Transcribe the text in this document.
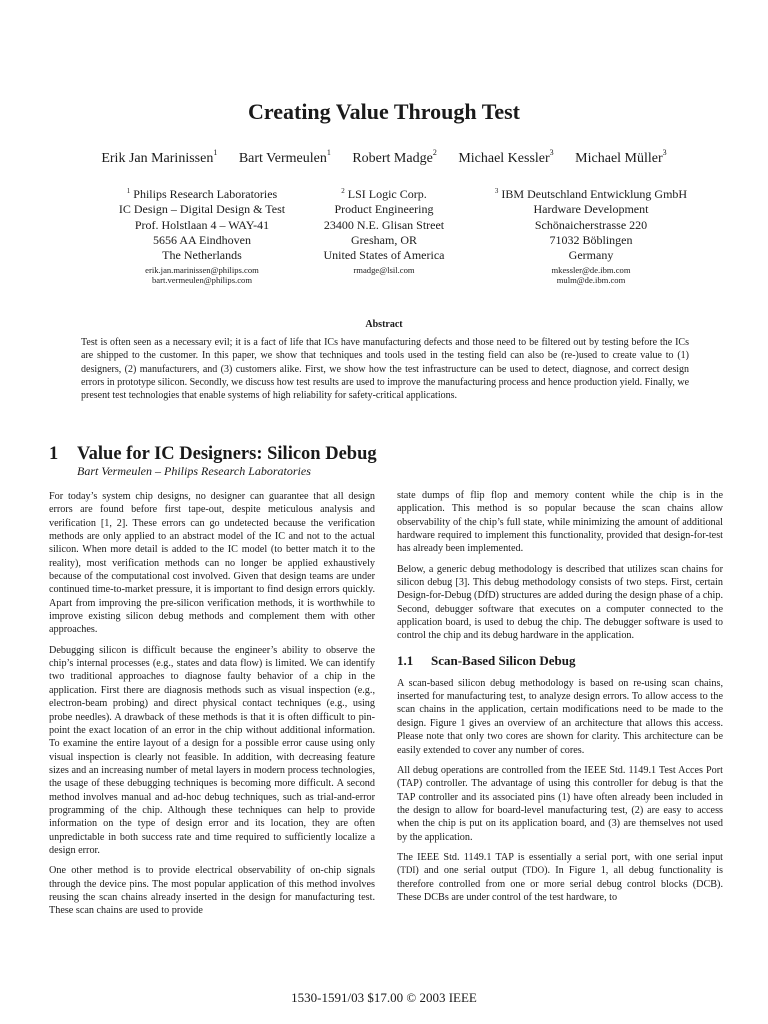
Creating Value Through Test
Erik Jan Marinissen$^1$ Bart Vermeulen$^1$ Robert Madge$^2$ Michael Kessler$^3$ Michael Müller$^3$
$^1$ Philips Research Laboratories
IC Design – Digital Design & Test
Prof. Holstlaan 4 – WAY-41
5656 AA Eindhoven
The Netherlands
erik.jan.marinissen@philips.com
bart.vermeulen@philips.com
$^2$ LSI Logic Corp.
Product Engineering
23400 N.E. Glisan Street
Gresham, OR
United States of America
rmadge@lsil.com
$^3$ IBM Deutschland Entwicklung GmbH
Hardware Development
Schönaicherstrasse 220
71032 Böblingen
Germany
mkessler@de.ibm.com
mulm@de.ibm.com
Abstract
Test is often seen as a necessary evil; it is a fact of life that ICs have manufacturing defects and those need to be filtered out by testing before the ICs are shipped to the customer. In this paper, we show that techniques and tools used in the testing field can also be (re-)used to create value to (1) designers, (2) manufacturers, and (3) customers alike. First, we show how the test infrastructure can be used to detect, diagnose, and correct design errors in prototype silicon. Secondly, we discuss how test results are used to improve the manufacturing process and hence production yield. Finally, we present test technologies that enable systems of high reliability for safety-critical applications.
1 Value for IC Designers: Silicon Debug
Bart Vermeulen – Philips Research Laboratories

For today’s system chip designs, no designer can guarantee that all design errors are found before first tape-out, despite meticulous analysis and verification [1, 2]. These errors can go undetected because the verification methods are only applied to an abstract model of the IC and not to the actual silicon. When more detail is added to the IC model (to better match it to the reality), most verification methods can no longer be applied exhaustively because of the computational cost involved. Given that design teams are under continued time-to-market pressure, it is important to find design errors quickly. Apart from improving the pre-silicon verification methods, it is worthwhile to improve existing silicon debug methods and complement them with other approaches.

Debugging silicon is difficult because the engineer’s ability to observe the chip’s internal processes (e.g., states and data flow) is limited. We can identify two traditional approaches to diagnose faulty behavior of a chip in the application. First there are diagnosis methods such as visual inspection (e.g., electron-beam probing) and direct physical contact techniques (e.g., using probe needles). A drawback of these methods is that it is often difficult to pin-point the exact location of an error in the chip without additional information. To examine the entire layout of a design for a possible error cause using only visual inspection is clearly not feasible. In addition, with decreasing feature sizes and an increasing number of metal layers in modern process technologies, the usage of these debugging techniques is becoming more difficult. A second method involves manual and ad-hoc debug techniques, such as trial-and-error programming of the chip. Although these techniques can help to provide information on the type of design error and its location, they are often unpredictable in both success rate and time required to sufficiently localize a design error.

One other method is to provide electrical observability of on-chip signals through the device pins. The most popular application of this method involves reusing the scan chains already inserted in the design for manufacturing test. These scan chains are used to provide

state dumps of flip flop and memory content while the chip is in the application. This method is so popular because the scan chains allow observability of the chip’s full state, while minimizing the amount of additional hardware required to implement this functionality, provided that design-for-test has already been implemented.

Below, a generic debug methodology is described that utilizes scan chains for silicon debug [3]. This debug methodology consists of two steps. First, certain Design-for-Debug (DfD) structures are added during the design phase of a chip. Second, debugger software that executes on a computer connected to the application board, is used to debug the chip. The debugger software is used to control the chip and its debug hardware in the application.

1.1 Scan-Based Silicon Debug

A scan-based silicon debug methodology is based on re-using scan chains, inserted for manufacturing test, to analyze design errors. To allow access to the scan chains in the application, certain modifications need to be made to the design. Figure 1 gives an overview of an architecture that allows this access. Please note that only two cores are shown for clarity. This architecture can be easily extended to cover any number of cores.

All debug operations are controlled from the IEEE Std. 1149.1 Test Acces Port (TAP) controller. The advantage of using this controller for debug is that the TAP controller and its associated pins (1) have often already been included in the design to allow for board-level manufacturing test, (2) are easy to access when the chip is put on its application board, and (3) are themselves not used by the application.

The IEEE Std. 1149.1 TAP is essentially a serial port, with one serial input (TDI) and one serial output (TDO). In Figure 1, all debug functionality is therefore controlled from one or more serial debug control blocks (DCB). These DCBs are under control of the test hardware, to

1530-1591/03 $17.00 © 2003 IEEE
